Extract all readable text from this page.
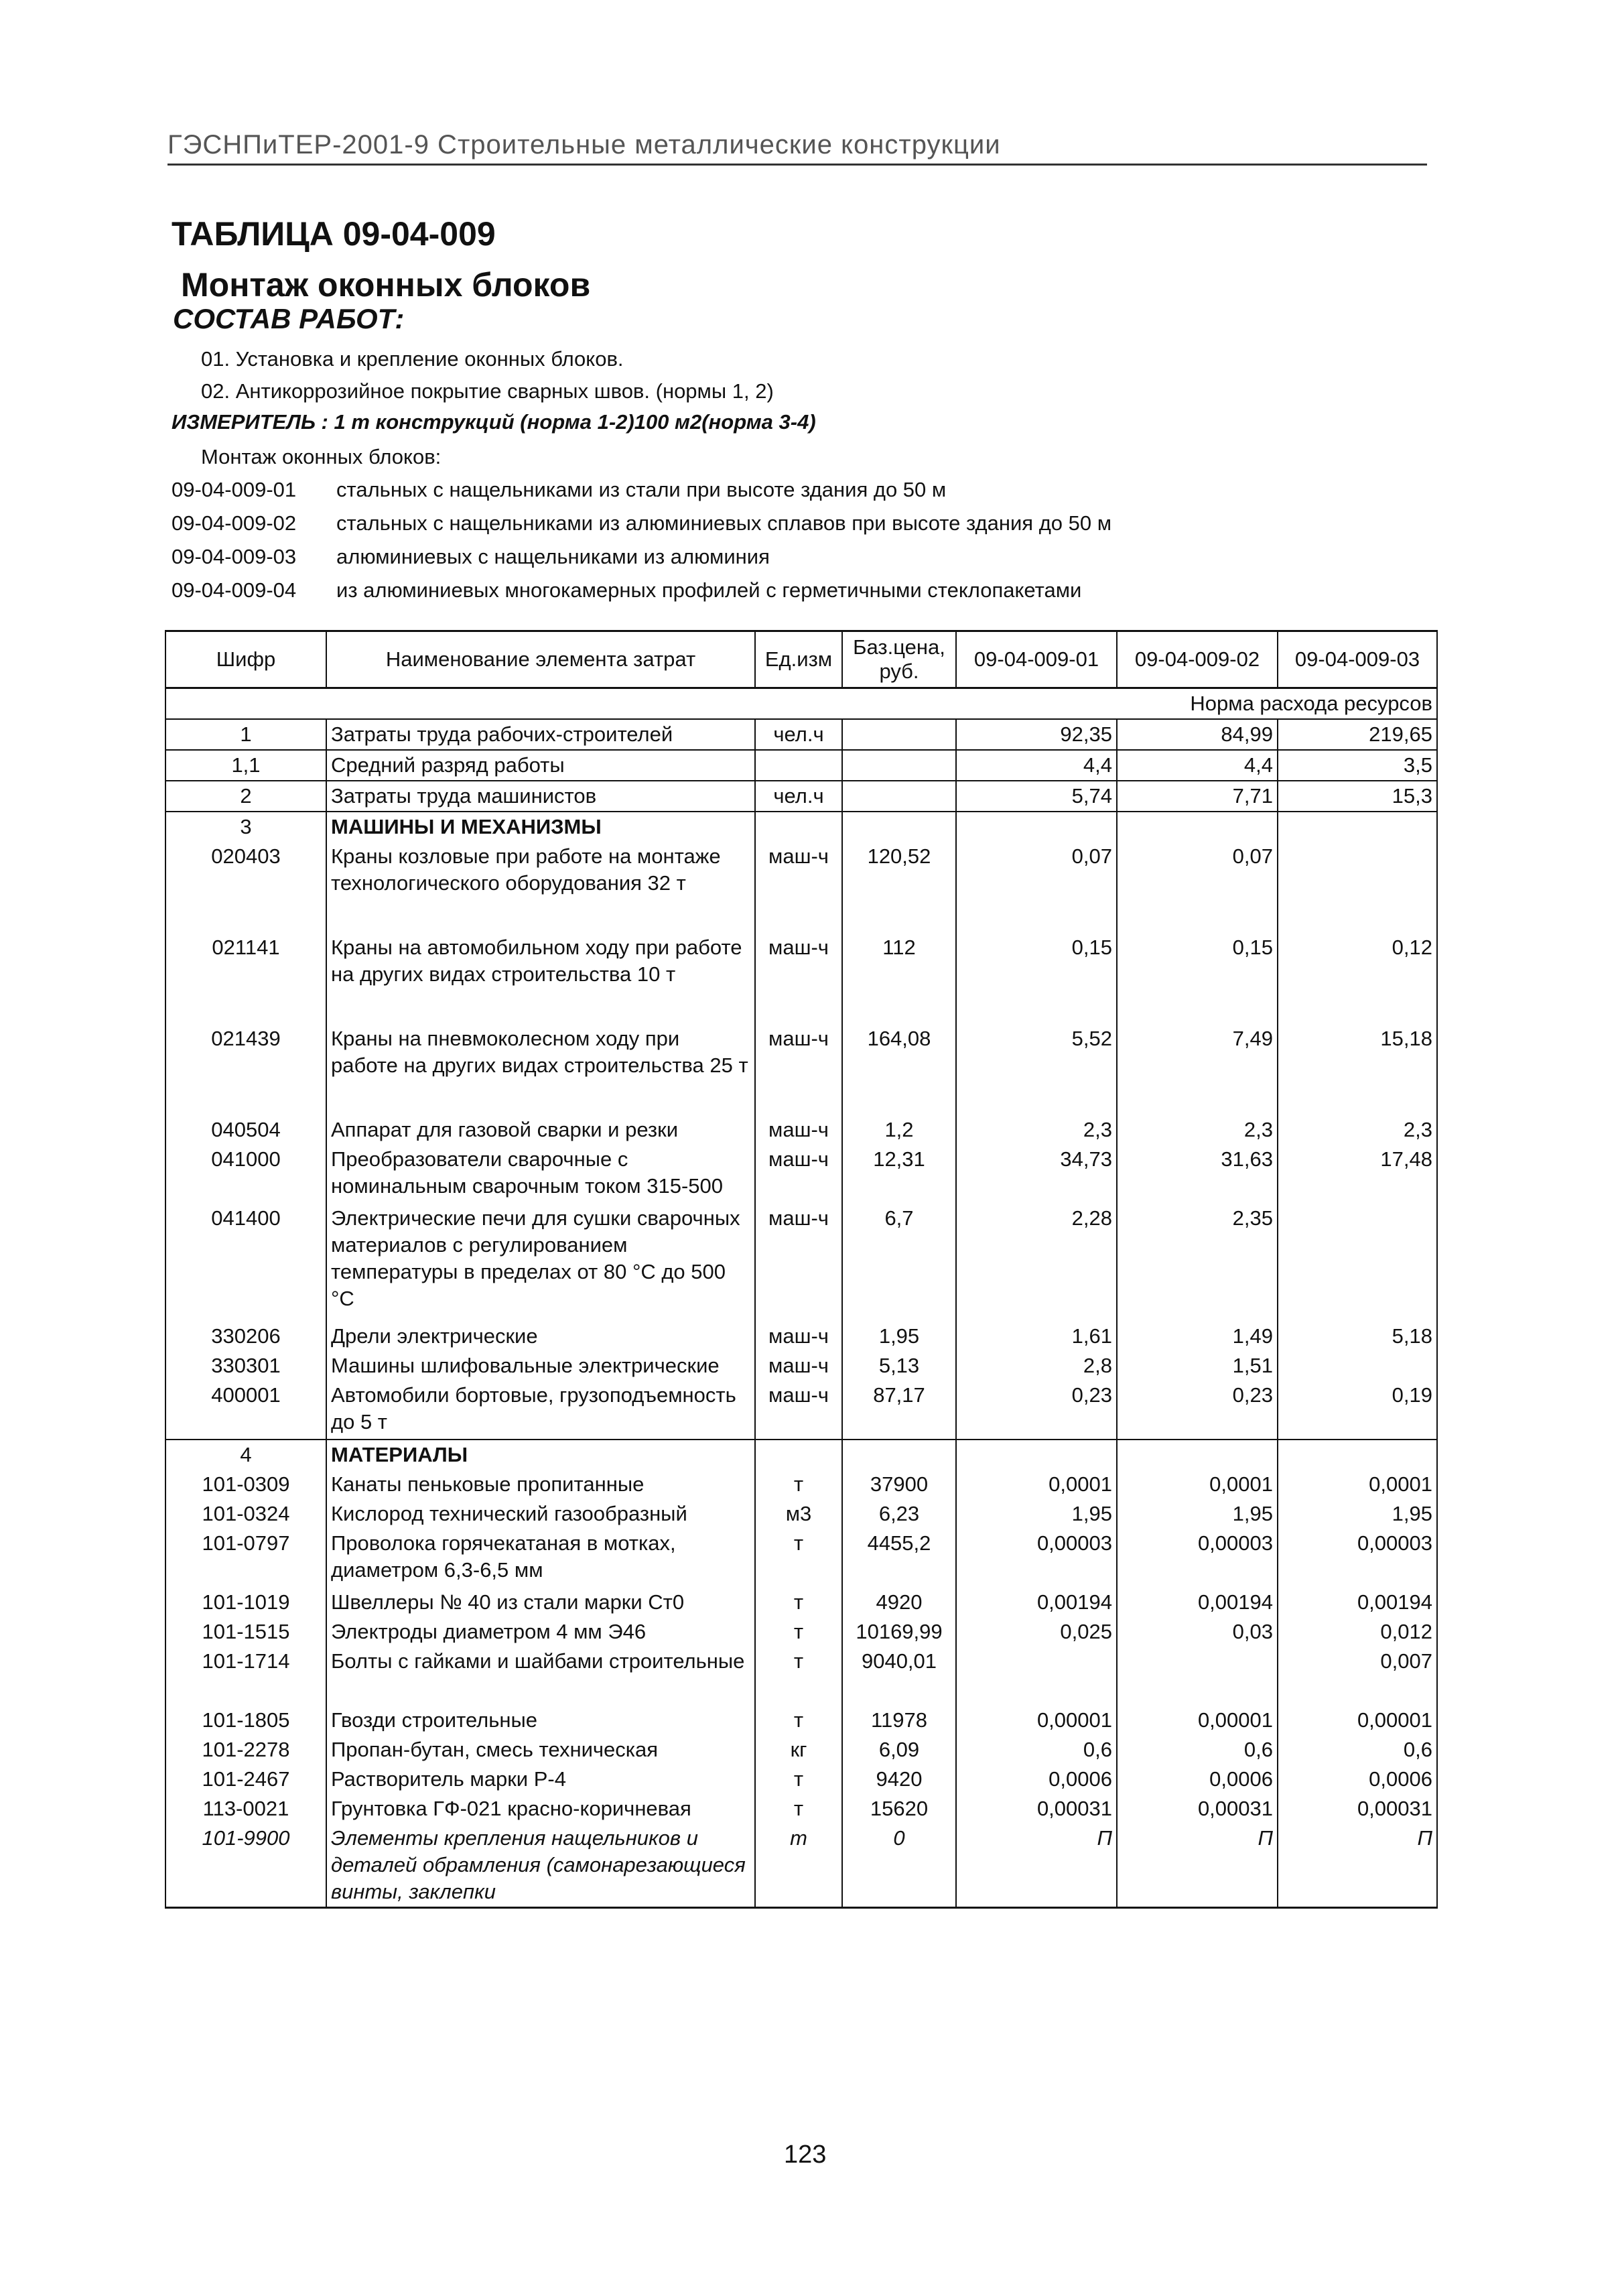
ГЭСНПиТЕР-2001-9 Строительные металлические конструкции
ТАБЛИЦА 09-04-009
Монтаж оконных блоков
СОСТАВ РАБОТ:
01. Установка и крепление оконных блоков.
02. Антикоррозийное покрытие сварных швов. (нормы 1, 2)
ИЗМЕРИТЕЛЬ : 1 т конструкций (норма 1-2)100 м2(норма 3-4)
Монтаж оконных блоков:
09-04-009-01 стальных с нащельниками из стали при высоте здания до 50 м
09-04-009-02 стальных с нащельниками из алюминиевых сплавов при высоте здания до 50 м
09-04-009-03 алюминиевых с нащельниками из алюминия
09-04-009-04 из алюминиевых многокамерных профилей с герметичными стеклопакетами
Шифр	Наименование элемента затрат	Ед.изм	Баз.цена, руб.	09-04-009-01	09-04-009-02	09-04-009-03
Норма расхода ресурсов						
1	Затраты труда рабочих-строителей	чел.ч		92,35	84,99	219,65
1,1	Средний разряд работы			4,4	4,4	3,5
2	Затраты труда машинистов	чел.ч		5,74	7,71	15,3
3	МАШИНЫ И МЕХАНИЗМЫ					
020403	Краны козловые при работе на монтаже технологического оборудования 32 т	маш-ч	120,52	0,07	0,07	
021141	Краны на автомобильном ходу при работе на других видах строительства 10 т	маш-ч	112	0,15	0,15	0,12
021439	Краны на пневмоколесном ходу при работе на других видах строительства 25 т	маш-ч	164,08	5,52	7,49	15,18
040504	Аппарат для газовой сварки и резки	маш-ч	1,2	2,3	2,3	2,3
041000	Преобразователи сварочные с номинальным сварочным током 315-500	маш-ч	12,31	34,73	31,63	17,48
041400	Электрические печи для сушки сварочных материалов с регулированием температуры в пределах от 80 °С до 500 °С	маш-ч	6,7	2,28	2,35	
330206	Дрели электрические	маш-ч	1,95	1,61	1,49	5,18
330301	Машины шлифовальные электрические	маш-ч	5,13	2,8	1,51	
400001	Автомобили бортовые, грузоподъемность до 5 т	маш-ч	87,17	0,23	0,23	0,19
4	МАТЕРИАЛЫ					
101-0309	Канаты пеньковые пропитанные	т	37900	0,0001	0,0001	0,0001
101-0324	Кислород технический газообразный	м3	6,23	1,95	1,95	1,95
101-0797	Проволока горячекатаная в мотках, диаметром 6,3-6,5 мм	т	4455,2	0,00003	0,00003	0,00003
101-1019	Швеллеры № 40 из стали марки Ст0	т	4920	0,00194	0,00194	0,00194
101-1515	Электроды диаметром 4 мм Э46	т	10169,99	0,025	0,03	0,012
101-1714	Болты с гайками и шайбами строительные	т	9040,01			0,007
101-1805	Гвозди строительные	т	11978	0,00001	0,00001	0,00001
101-2278	Пропан-бутан, смесь техническая	кг	6,09	0,6	0,6	0,6
101-2467	Растворитель марки Р-4	т	9420	0,0006	0,0006	0,0006
113-0021	Грунтовка ГФ-021 красно-коричневая	т	15620	0,00031	0,00031	0,00031
101-9900	Элементы крепления нащельников и деталей обрамления (самонарезающиеся винты, заклепки	т	0	П	П	П
123
